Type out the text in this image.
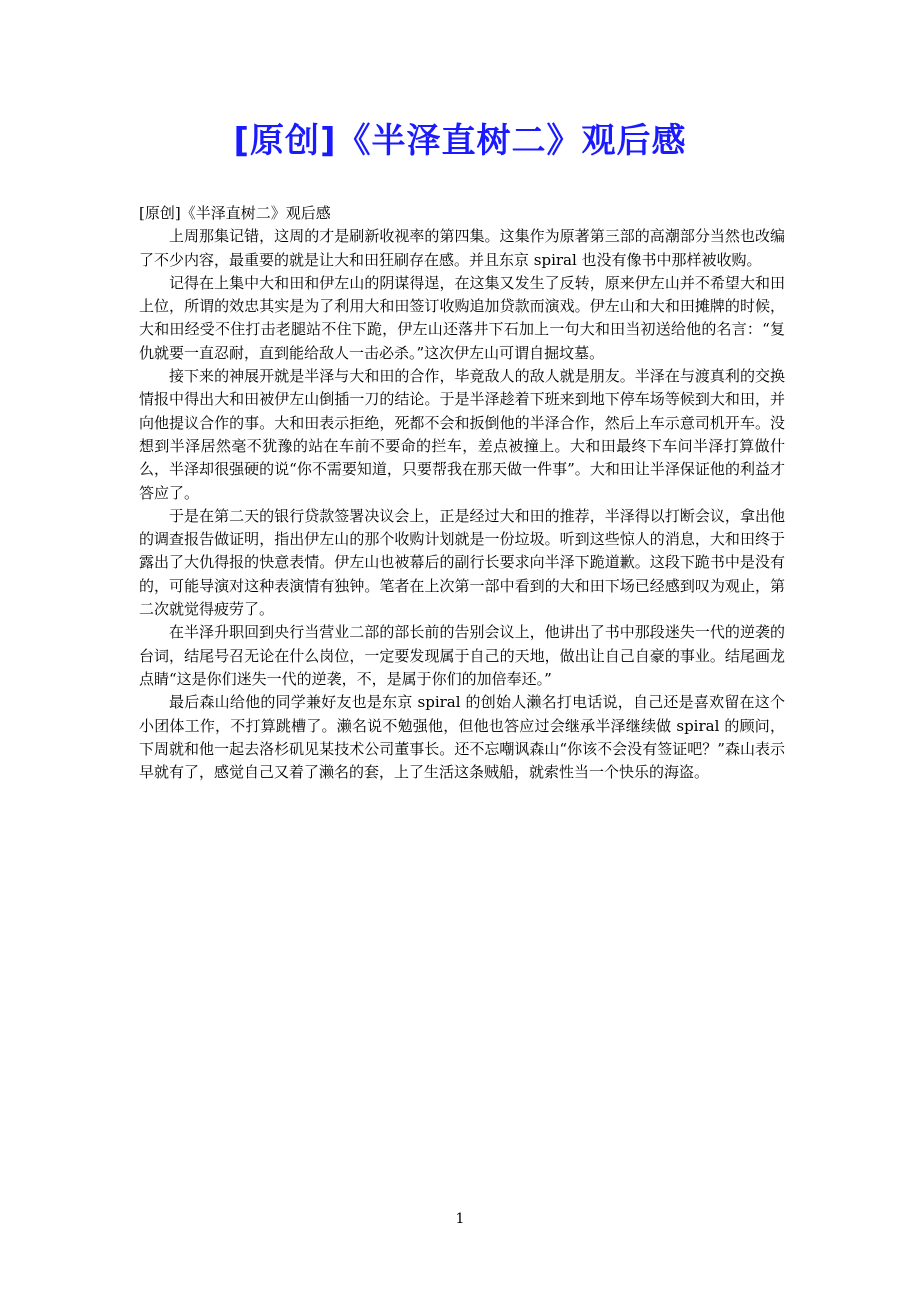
[原创]《半泽直树二》观后感

[原创]《半泽直树二》观后感

上周那集记错，这周的才是刷新收视率的第四集。这集作为原著第三部的高潮部分当然也改编了不少内容，最重要的就是让大和田狂刷存在感。并且东京 spiral 也没有像书中那样被收购。

记得在上集中大和田和伊左山的阴谋得逞，在这集又发生了反转，原来伊左山并不希望大和田上位，所谓的效忠其实是为了利用大和田签订收购追加贷款而演戏。伊左山和大和田摊牌的时候，大和田经受不住打击老腿站不住下跪，伊左山还落井下石加上一句大和田当初送给他的名言：“复仇就要一直忍耐，直到能给敌人一击必杀。”这次伊左山可谓自掘坟墓。

接下来的神展开就是半泽与大和田的合作，毕竟敌人的敌人就是朋友。半泽在与渡真利的交换情报中得出大和田被伊左山倒插一刀的结论。于是半泽趁着下班来到地下停车场等候到大和田，并向他提议合作的事。大和田表示拒绝，死都不会和扳倒他的半泽合作，然后上车示意司机开车。没想到半泽居然毫不犹豫的站在车前不要命的拦车，差点被撞上。大和田最终下车问半泽打算做什么，半泽却很强硬的说“你不需要知道，只要帮我在那天做一件事”。大和田让半泽保证他的利益才答应了。

于是在第二天的银行贷款签署决议会上，正是经过大和田的推荐，半泽得以打断会议，拿出他的调查报告做证明，指出伊左山的那个收购计划就是一份垃圾。听到这些惊人的消息，大和田终于露出了大仇得报的快意表情。伊左山也被幕后的副行长要求向半泽下跪道歉。这段下跪书中是没有的，可能导演对这种表演情有独钟。笔者在上次第一部中看到的大和田下场已经感到叹为观止，第二次就觉得疲劳了。

在半泽升职回到央行当营业二部的部长前的告别会议上，他讲出了书中那段迷失一代的逆袭的台词，结尾号召无论在什么岗位，一定要发现属于自己的天地，做出让自己自豪的事业。结尾画龙点睛“这是你们迷失一代的逆袭，不，是属于你们的加倍奉还。”

最后森山给他的同学兼好友也是东京 spiral 的创始人濑名打电话说，自己还是喜欢留在这个小团体工作，不打算跳槽了。濑名说不勉强他，但他也答应过会继承半泽继续做 spiral 的顾问，下周就和他一起去洛杉矶见某技术公司董事长。还不忘嘲讽森山“你该不会没有签证吧？”森山表示早就有了，感觉自己又着了濑名的套，上了生活这条贼船，就索性当一个快乐的海盗。

1
